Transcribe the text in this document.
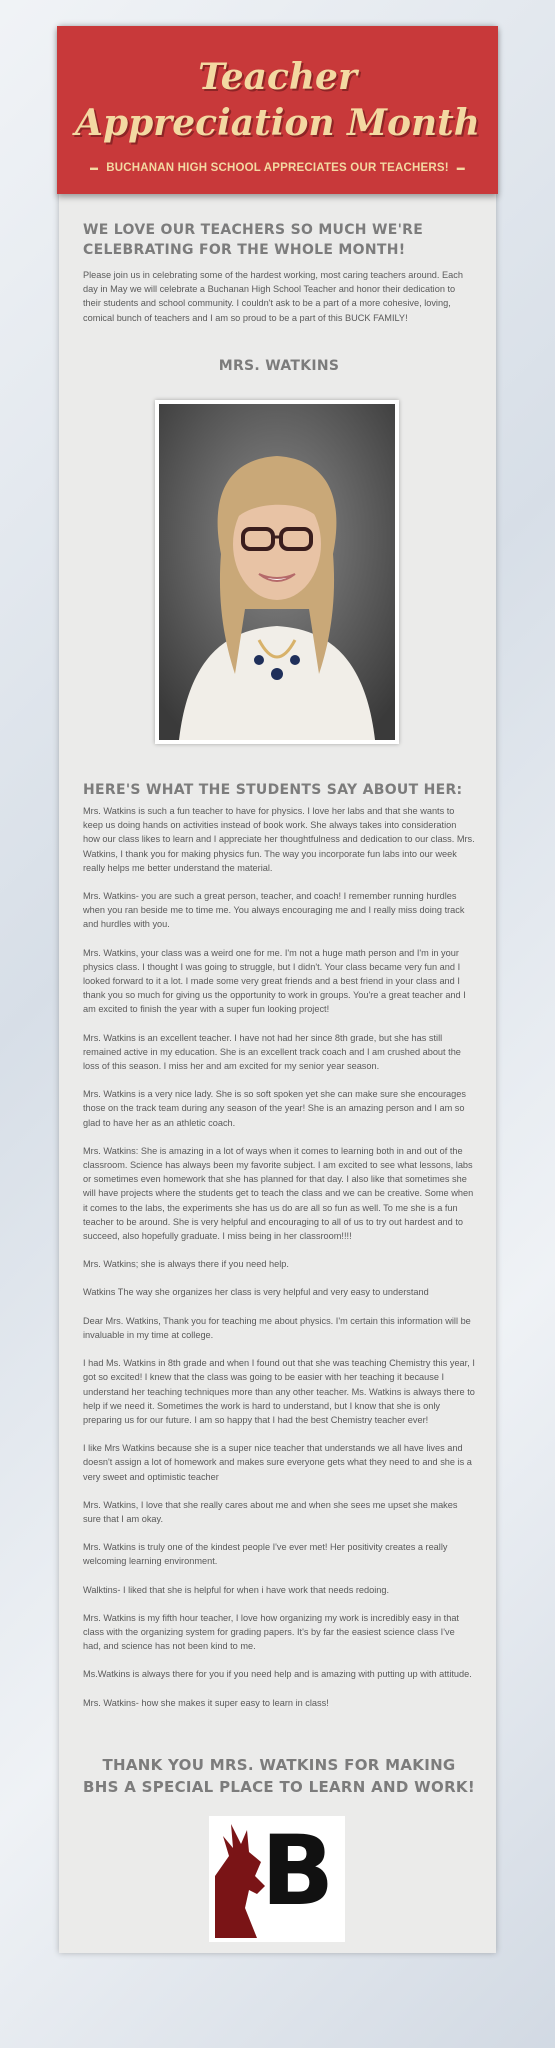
Teacher
Appreciation Month
▬ BUCHANAN HIGH SCHOOL APPRECIATES OUR TEACHERS! ▬
WE LOVE OUR TEACHERS SO MUCH WE'RE CELEBRATING FOR THE WHOLE MONTH!

Please join us in celebrating some of the hardest working, most caring teachers around. Each day in May we will celebrate a Buchanan High School Teacher and honor their dedication to their students and school community. I couldn't ask to be a part of a more cohesive, loving, comical bunch of teachers and I am so proud to be a part of this BUCK FAMILY!

MRS. WATKINS
HERE'S WHAT THE STUDENTS SAY ABOUT HER:

Mrs. Watkins is such a fun teacher to have for physics. I love her labs and that she wants to keep us doing hands on activities instead of book work. She always takes into consideration how our class likes to learn and I appreciate her thoughtfulness and dedication to our class. Mrs. Watkins, I thank you for making physics fun. The way you incorporate fun labs into our week really helps me better understand the material.

Mrs. Watkins- you are such a great person, teacher, and coach! I remember running hurdles when you ran beside me to time me. You always encouraging me and I really miss doing track and hurdles with you.

Mrs. Watkins, your class was a weird one for me. I'm not a huge math person and I'm in your physics class. I thought I was going to struggle, but I didn't. Your class became very fun and I looked forward to it a lot. I made some very great friends and a best friend in your class and I thank you so much for giving us the opportunity to work in groups. You're a great teacher and I am excited to finish the year with a super fun looking project!

Mrs. Watkins is an excellent teacher. I have not had her since 8th grade, but she has still remained active in my education. She is an excellent track coach and I am crushed about the loss of this season. I miss her and am excited for my senior year season.

Mrs. Watkins is a very nice lady. She is so soft spoken yet she can make sure she encourages those on the track team during any season of the year! She is an amazing person and I am so glad to have her as an athletic coach.

Mrs. Watkins: She is amazing in a lot of ways when it comes to learning both in and out of the classroom. Science has always been my favorite subject. I am excited to see what lessons, labs or sometimes even homework that she has planned for that day. I also like that sometimes she will have projects where the students get to teach the class and we can be creative. Some when it comes to the labs, the experiments she has us do are all so fun as well. To me she is a fun teacher to be around. She is very helpful and encouraging to all of us to try out hardest and to succeed, also hopefully graduate. I miss being in her classroom!!!!

Mrs. Watkins; she is always there if you need help.

Watkins The way she organizes her class is very helpful and very easy to understand

Dear Mrs. Watkins, Thank you for teaching me about physics. I'm certain this information will be invaluable in my time at college.

I had Ms. Watkins in 8th grade and when I found out that she was teaching Chemistry this year, I got so excited! I knew that the class was going to be easier with her teaching it because I understand her teaching techniques more than any other teacher. Ms. Watkins is always there to help if we need it. Sometimes the work is hard to understand, but I know that she is only preparing us for our future. I am so happy that I had the best Chemistry teacher ever!

I like Mrs Watkins because she is a super nice teacher that understands we all have lives and doesn't assign a lot of homework and makes sure everyone gets what they need to and she is a very sweet and optimistic teacher

Mrs. Watkins, I love that she really cares about me and when she sees me upset she makes sure that I am okay.

Mrs. Watkins is truly one of the kindest people I've ever met! Her positivity creates a really welcoming learning environment.

Walktins- I liked that she is helpful for when i have work that needs redoing.

Mrs. Watkins is my fifth hour teacher, I love how organizing my work is incredibly easy in that class with the organizing system for grading papers. It's by far the easiest science class I've had, and science has not been kind to me.

Ms.Watkins is always there for you if you need help and is amazing with putting up with attitude.

Mrs. Watkins- how she makes it super easy to learn in class!

THANK YOU MRS. WATKINS FOR MAKING BHS A SPECIAL PLACE TO LEARN AND WORK!
B
